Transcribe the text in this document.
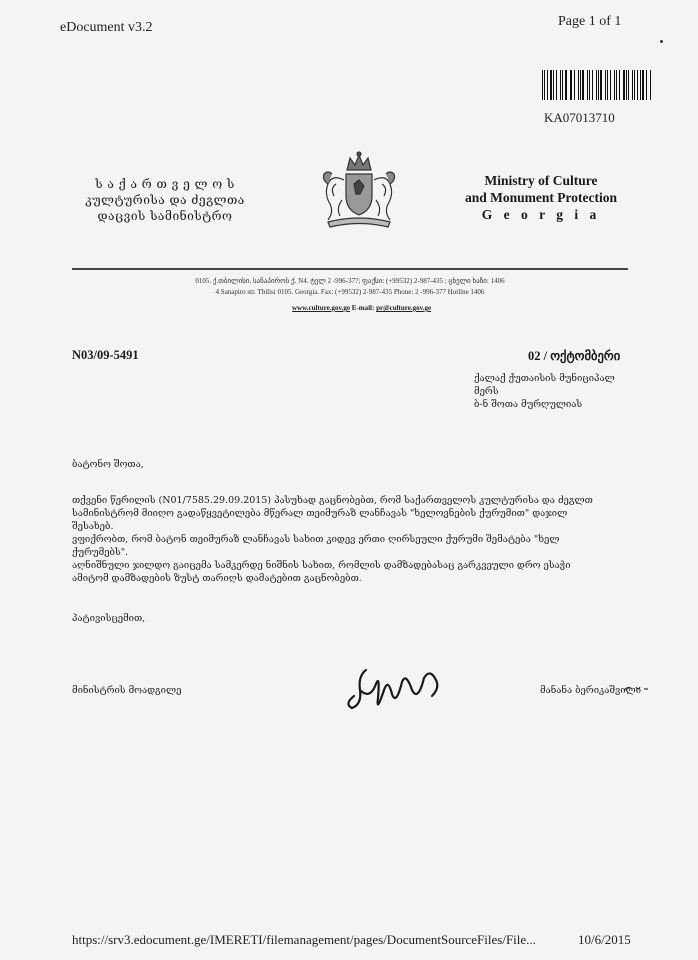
eDocument v3.2	Page 1 of 1
KA07013710
ს ა ქ ა რ თ ვ ე ლ ო ს
კულტურისა და ძეგლთა
დაცვის სამინისტრო
Ministry of Culture
and Monument Protection
G e o r g i a
0105. ქ.თბილისი. სანაპიროს ქ. N4. ტელ 2 -996-377; ფაქსი: (+99532) 2-987-435 ; ცხელი ხაზი: 1406
4 Sanapiro str. Tbilisi 0105. Georgia. Fax: (+99532) 2-987-435 Phone: 2 -996-377 Hotline 1406
www.culture.gov.ge E-mail: pr@culture.gov.ge
N03/09-5491	02 / ოქტომბერი
ქალაქ ქუთაისის მუნიციპალ
მერს
ბ-ნ შოთა მურღულიას
ბატონო შოთა,
თქვენი წერილის (N01/7585.29.09.2015) პასუხად გაცნობებთ, რომ საქართველოს კულტურისა და ძეგლთ
სამინისტრომ მიიღო გადაწყვეტილება მწერალ თეიმურაზ ლანჩავას "ხელოვნების ქურუმით" დაჯილ
შესახებ.
ვფიქრობთ, რომ ბატონ თეიმურაზ ლანჩავას სახით კიდევ ერთი ღირსეული ქურუმი შემატება "ხელ
ქურუმებს".
აღნიშნული ჯილდო გაიცემა სამკერდე ნიშნის სახით, რომლის დამზადებასაც გარკვეული დრო ესაჭი
ამიტომ დამზადების ზუსტ თარიღს დამატებით გაცნობებთ.
პატივისცემით,
მინისტრის მოადგილე	მანანა ბერიკაშვილი
https://srv3.edocument.ge/IMERETI/filemanagement/pages/DocumentSourceFiles/File...	10/6/2015
